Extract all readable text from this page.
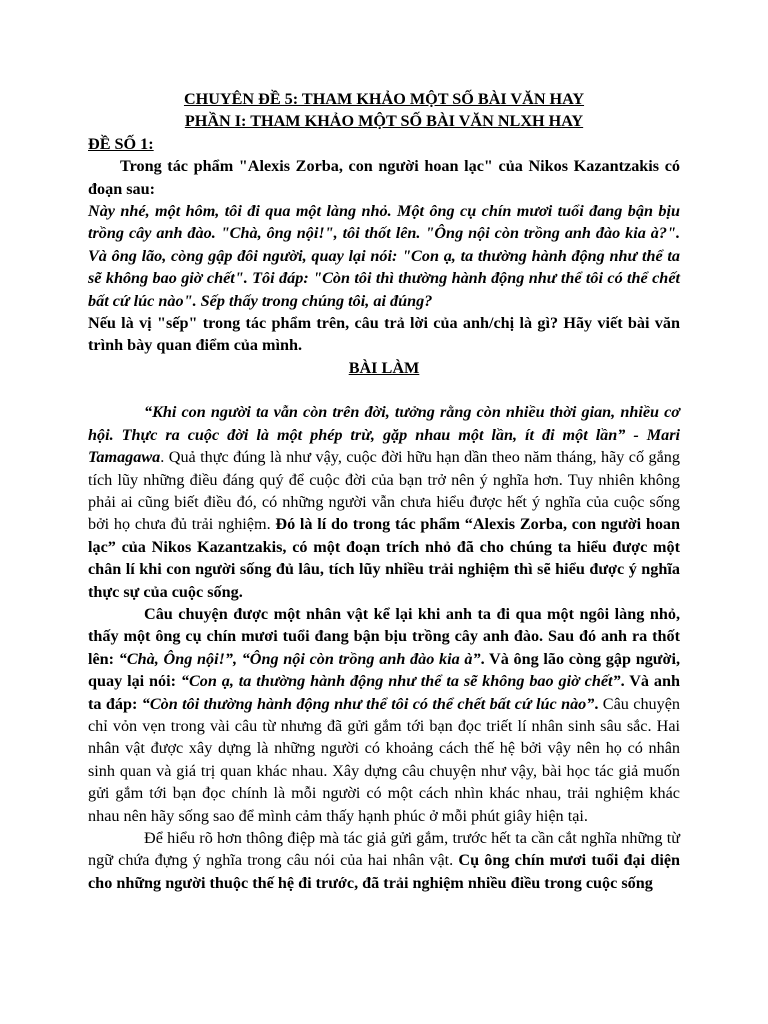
CHUYÊN ĐỀ 5: THAM KHẢO MỘT SỐ BÀI VĂN HAY

PHẦN I: THAM KHẢO MỘT SỐ BÀI VĂN NLXH HAY

ĐỀ SỐ 1:

Trong tác phẩm "Alexis Zorba, con người hoan lạc" của Nikos Kazantzakis có đoạn sau:

Này nhé, một hôm, tôi đi qua một làng nhỏ. Một ông cụ chín mươi tuổi đang bận bịu trồng cây anh đào. "Chà, ông nội!", tôi thốt lên. "Ông nội còn trồng anh đào kia à?". Và ông lão, còng gập đôi người, quay lại nói: "Con ạ, ta thường hành động như thể ta sẽ không bao giờ chết". Tôi đáp: "Còn tôi thì thường hành động như thể tôi có thể chết bất cứ lúc nào". Sếp thấy trong chúng tôi, ai đúng?

Nếu là vị "sếp" trong tác phẩm trên, câu trả lời của anh/chị là gì? Hãy viết bài văn trình bày quan điểm của mình.

BÀI LÀM

“Khi con người ta vẫn còn trên đời, tưởng rằng còn nhiều thời gian, nhiều cơ hội. Thực ra cuộc đời là một phép trừ, gặp nhau một lần, ít đi một lần” - Mari Tamagawa. Quả thực đúng là như vậy, cuộc đời hữu hạn dần theo năm tháng, hãy cố gắng tích lũy những điều đáng quý để cuộc đời của bạn trở nên ý nghĩa hơn. Tuy nhiên không phải ai cũng biết điều đó, có những người vẫn chưa hiểu được hết ý nghĩa của cuộc sống bởi họ chưa đủ trải nghiệm. Đó là lí do trong tác phẩm “Alexis Zorba, con người hoan lạc” của Nikos Kazantzakis, có một đoạn trích nhỏ đã cho chúng ta hiểu được một chân lí khi con người sống đủ lâu, tích lũy nhiều trải nghiệm thì sẽ hiểu được ý nghĩa thực sự của cuộc sống.

Câu chuyện được một nhân vật kể lại khi anh ta đi qua một ngôi làng nhỏ, thấy một ông cụ chín mươi tuổi đang bận bịu trồng cây anh đào. Sau đó anh ra thốt lên: “Chà, Ông nội!”, “Ông nội còn trồng anh đào kia à”. Và ông lão còng gập người, quay lại nói: “Con ạ, ta thường hành động như thể ta sẽ không bao giờ chết”. Và anh ta đáp: “Còn tôi thường hành động như thể tôi có thể chết bất cứ lúc nào”. Câu chuyện chỉ vỏn vẹn trong vài câu từ nhưng đã gửi gắm tới bạn đọc triết lí nhân sinh sâu sắc. Hai nhân vật được xây dựng là những người có khoảng cách thế hệ bởi vậy nên họ có nhân sinh quan và giá trị quan khác nhau. Xây dựng câu chuyện như vậy, bài học tác giả muốn gửi gắm tới bạn đọc chính là mỗi người có một cách nhìn khác nhau, trải nghiệm khác nhau nên hãy sống sao để mình cảm thấy hạnh phúc ở mỗi phút giây hiện tại.

Để hiểu rõ hơn thông điệp mà tác giả gửi gắm, trước hết ta cần cắt nghĩa những từ ngữ chứa đựng ý nghĩa trong câu nói của hai nhân vật. Cụ ông chín mươi tuổi đại diện cho những người thuộc thế hệ đi trước, đã trải nghiệm nhiều điều trong cuộc sống
